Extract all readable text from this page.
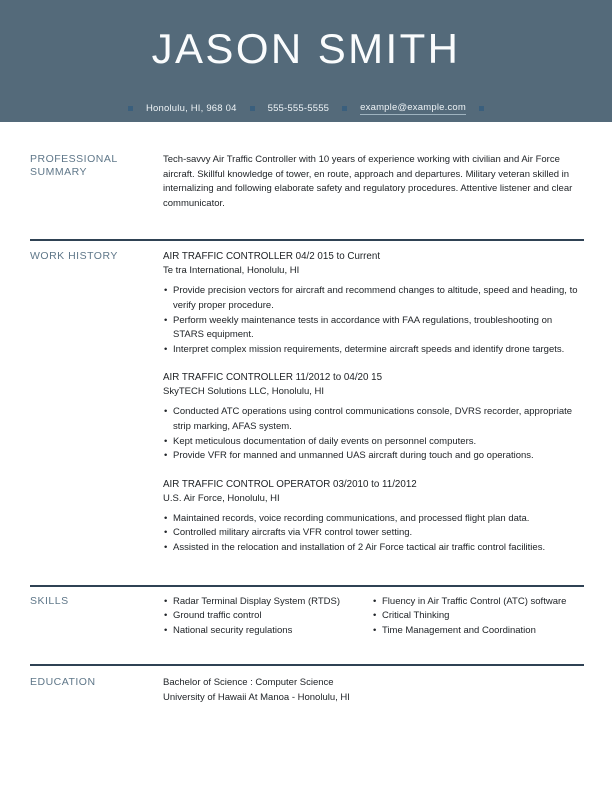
JASON SMITH
Honolulu, HI, 968 04	555-555-5555	example@example.com
PROFESSIONAL SUMMARY
Tech-savvy Air Traffic Controller with 10 years of experience working with civilian and Air Force aircraft. Skillful knowledge of tower, en route, approach and departures. Military veteran skilled in internalizing and following elaborate safety and regulatory procedures. Attentive listener and clear communicator.
WORK HISTORY	AIR TRAFFIC CONTROLLER 04/2 015 to Current
Te tra International, Honolulu, HI
• Provide precision vectors for aircraft and recommend changes to altitude, speed and heading, to verify proper procedure.
• Perform weekly maintenance tests in accordance with FAA regulations, troubleshooting on STARS equipment.
• Interpret complex mission requirements, determine aircraft speeds and identify drone targets.
AIR TRAFFIC CONTROLLER 11/2012 to 04/20 15
SkyTECH Solutions LLC, Honolulu, HI
• Conducted ATC operations using control communications console, DVRS recorder, appropriate strip marking, AFAS system.
• Kept meticulous documentation of daily events on personnel computers.
• Provide VFR for manned and unmanned UAS aircraft during touch and go operations.
AIR TRAFFIC CONTROL OPERATOR 03/2010 to 11/2012
U.S. Air Force, Honolulu, HI
• Maintained records, voice recording communications, and processed flight plan data.
• Controlled military aircrafts via VFR control tower setting.
• Assisted in the relocation and installation of 2 Air Force tactical air traffic control facilities.
SKILLS	• Radar Terminal Display System (RTDS)
• Ground traffic control
• National security regulations
• Fluency in Air Traffic Control (ATC) software
• Critical Thinking
• Time Management and Coordination
EDUCATION	Bachelor of Science : Computer Science
University of Hawaii At Manoa - Honolulu, HI
